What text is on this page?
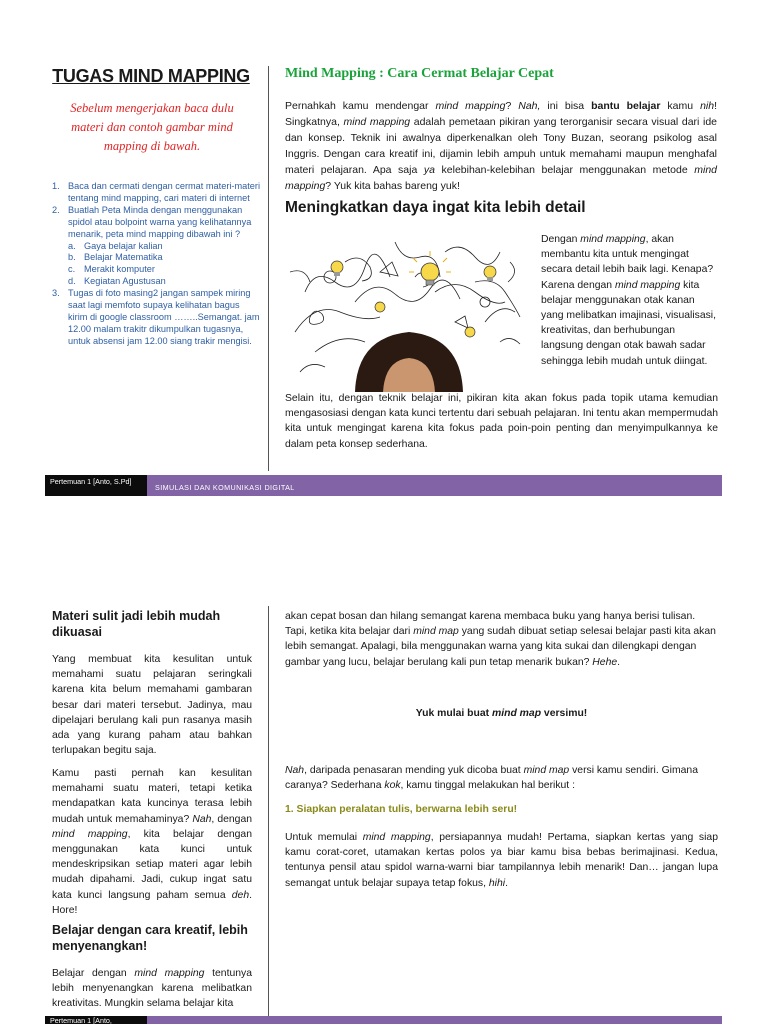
TUGAS MIND MAPPING
Sebelum mengerjakan baca dulu materi dan contoh gambar mind mapping di bawah.
1. Baca dan cermati dengan cermat materi-materi tentang mind mapping, cari materi di internet
2. Buatlah Peta Minda dengan menggunakan spidol atau bolpoint warna yang kelihatannya menarik, peta mind mapping dibawah ini ?
a. Gaya belajar kalian
b. Belajar Matematika
c. Merakit komputer
d. Kegiatan Agustusan
3. Tugas di foto masing2 jangan sampek miring saat lagi memfoto supaya kelihatan bagus kirim di google classroom ……..Semangat. jam 12.00 malam trakitr dikumpulkan tugasnya, untuk absensi jam 12.00 siang trakir mengisi.
Mind Mapping : Cara Cermat Belajar Cepat

Pernahkah kamu mendengar mind mapping? Nah, ini bisa bantu belajar kamu nih! Singkatnya, mind mapping adalah pemetaan pikiran yang terorganisir secara visual dari ide dan konsep. Teknik ini awalnya diperkenalkan oleh Tony Buzan, seorang psikolog asal Inggris. Dengan cara kreatif ini, dijamin lebih ampuh untuk memahami maupun menghafal materi pelajaran. Apa saja ya kelebihan-kelebihan belajar menggunakan metode mind mapping? Yuk kita bahas bareng yuk!

Meningkatkan daya ingat kita lebih detail

Dengan mind mapping, akan membantu kita untuk mengingat secara detail lebih baik lagi. Kenapa? Karena dengan mind mapping kita belajar menggunakan otak kanan yang melibatkan imajinasi, visualisasi, kreativitas, dan berhubungan langsung dengan otak bawah sadar sehingga lebih mudah untuk diingat.

Selain itu, dengan teknik belajar ini, pikiran kita akan fokus pada topik utama kemudian mengasosiasi dengan kata kunci tertentu dari sebuah pelajaran. Ini tentu akan mempermudah kita untuk mengingat karena kita fokus pada poin-poin penting dan menyimpulkannya ke dalam peta konsep sederhana.

Pertemuan 1 [Anto, S.Pd]
SIMULASI DAN KOMUNIKASI DIGITAL
Materi sulit jadi lebih mudah dikuasai

Yang membuat kita kesulitan untuk memahami suatu pelajaran seringkali karena kita belum memahami gambaran besar dari materi tersebut. Jadinya, mau dipelajari berulang kali pun rasanya masih ada yang kurang paham atau bahkan terlupakan begitu saja.

Kamu pasti pernah kan kesulitan memahami suatu materi, tetapi ketika mendapatkan kata kuncinya terasa lebih mudah untuk memahaminya? Nah, dengan mind mapping, kita belajar dengan menggunakan kata kunci untuk mendeskripsikan setiap materi agar lebih mudah dipahami. Jadi, cukup ingat satu kata kunci langsung paham semua deh. Hore!

Belajar dengan cara kreatif, lebih menyenangkan!

Belajar dengan mind mapping tentunya lebih menyenangkan karena melibatkan kreativitas. Mungkin selama belajar kita

akan cepat bosan dan hilang semangat karena membaca buku yang hanya berisi tulisan. Tapi, ketika kita belajar dari mind map yang sudah dibuat setiap selesai belajar pasti kita akan lebih semangat. Apalagi, bila menggunakan warna yang kita sukai dan dilengkapi dengan gambar yang lucu, belajar berulang kali pun tetap menarik bukan? Hehe.

Yuk mulai buat mind map versimu!

Nah, daripada penasaran mending yuk dicoba buat mind map versi kamu sendiri. Gimana caranya? Sederhana kok, kamu tinggal melakukan hal berikut :

1. Siapkan peralatan tulis, berwarna lebih seru!

Untuk memulai mind mapping, persiapannya mudah! Pertama, siapkan kertas yang siap kamu corat-coret, utamakan kertas polos ya biar kamu bisa bebas berimajinasi. Kedua, tentunya pensil atau spidol warna-warni biar tampilannya lebih menarik! Dan… jangan lupa semangat untuk belajar supaya tetap fokus, hihi.

Pertemuan 1 [Anto,
